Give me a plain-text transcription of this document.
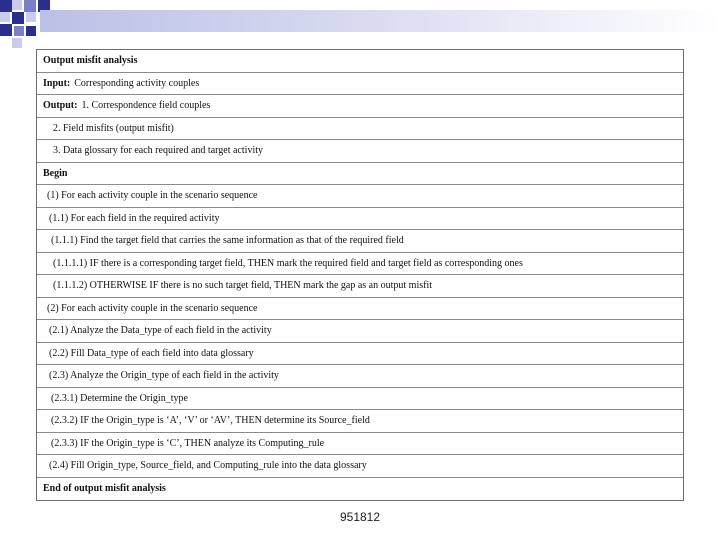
Output misfit analysis
Input: Corresponding activity couples
Output: 1. Correspondence field couples
2. Field misfits (output misfit)
3. Data glossary for each required and target activity
Begin
(1) For each activity couple in the scenario sequence
(1.1) For each field in the required activity
(1.1.1) Find the target field that carries the same information as that of the required field
(1.1.1.1) IF there is a corresponding target field, THEN mark the required field and target field as corresponding ones
(1.1.1.2) OTHERWISE IF there is no such target field, THEN mark the gap as an output misfit
(2) For each activity couple in the scenario sequence
(2.1) Analyze the Data_type of each field in the activity
(2.2) Fill Data_type of each field into data glossary
(2.3) Analyze the Origin_type of each field in the activity
(2.3.1) Determine the Origin_type
(2.3.2) IF the Origin_type is ‘A’, ‘V’ or ‘AV’, THEN determine its Source_field
(2.3.3) IF the Origin_type is ‘C’, THEN analyze its Computing_rule
(2.4) Fill Origin_type, Source_field, and Computing_rule into the data glossary
End of output misfit analysis
951812
